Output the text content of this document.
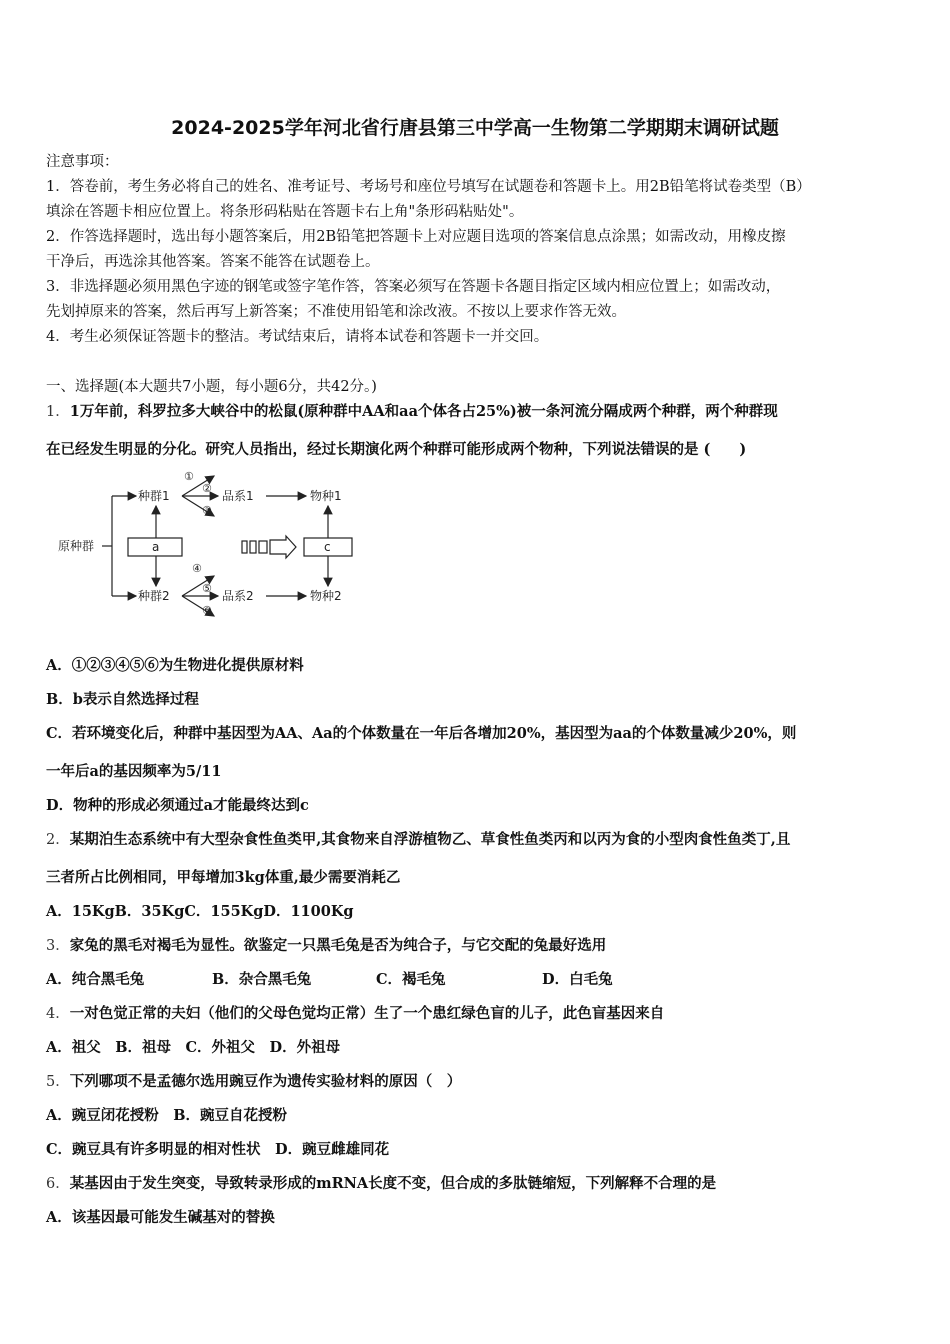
2024-2025学年河北省行唐县第三中学高一生物第二学期期末调研试题
注意事项：
1．答卷前，考生务必将自己的姓名、准考证号、考场号和座位号填写在试题卷和答题卡上。用2B铅笔将试卷类型（B）
填涂在答题卡相应位置上。将条形码粘贴在答题卡右上角"条形码粘贴处"。
2．作答选择题时，选出每小题答案后，用2B铅笔把答题卡上对应题目选项的答案信息点涂黑；如需改动，用橡皮擦
干净后，再选涂其他答案。答案不能答在试题卷上。
3．非选择题必须用黑色字迹的钢笔或签字笔作答，答案必须写在答题卡各题目指定区域内相应位置上；如需改动，
先划掉原来的答案，然后再写上新答案；不准使用铅笔和涂改液。不按以上要求作答无效。
4．考生必须保证答题卡的整洁。考试结束后，请将本试卷和答题卡一并交回。
一、选择题(本大题共7小题，每小题6分，共42分。)
1．1万年前，科罗拉多大峡谷中的松鼠(原种群中AA和aa个体各占25%)被一条河流分隔成两个种群，两个种群现
在已经发生明显的分化。研究人员指出，经过长期演化两个种群可能形成两个物种，下列说法错误的是 (　　)
原种群
种群1
种群2
品系1
品系2
物种1
物种2
a	c
①
②
③
④
⑤
⑥
A．①②③④⑤⑥为生物进化提供原材料
B．b表示自然选择过程
C．若环境变化后，种群中基因型为AA、Aa的个体数量在一年后各增加20%，基因型为aa的个体数量减少20%，则
一年后a的基因频率为5/11
D．物种的形成必须通过a才能最终达到c
2．某期泊生态系统中有大型杂食性鱼类甲,其食物来自浮游植物乙、草食性鱼类丙和以丙为食的小型肉食性鱼类丁,且
三者所占比例相同，甲每增加3kg体重,最少需要消耗乙
A．15KgB．35KgC．155KgD．1100Kg
3．家兔的黑毛对褐毛为显性。欲鉴定一只黑毛兔是否为纯合子，与它交配的兔最好选用
A．纯合黑毛兔	B．杂合黑毛兔	C．褐毛兔	D．白毛兔
4．一对色觉正常的夫妇（他们的父母色觉均正常）生了一个患红绿色盲的儿子，此色盲基因来自
A．祖父　B．祖母　C．外祖父　D．外祖母
5．下列哪项不是孟德尔选用豌豆作为遗传实验材料的原因（　）
A．豌豆闭花授粉　B．豌豆自花授粉
C．豌豆具有许多明显的相对性状　D．豌豆雌雄同花
6．某基因由于发生突变，导致转录形成的mRNA长度不变，但合成的多肽链缩短，下列解释不合理的是
A．该基因最可能发生碱基对的替换
